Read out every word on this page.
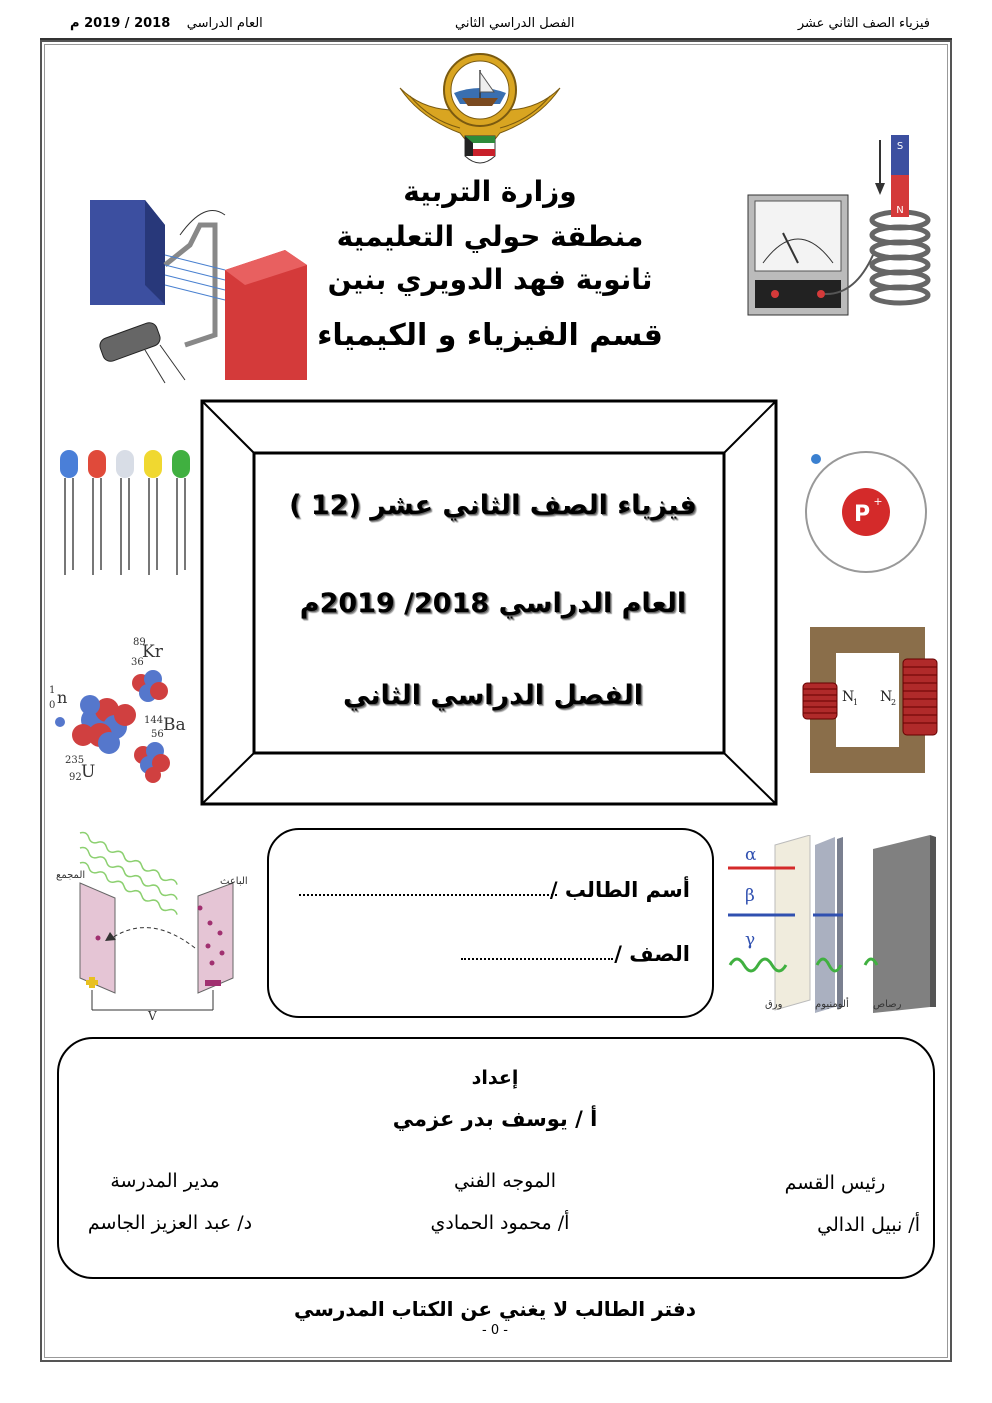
فيزياء الصف الثاني عشر
الفصل الدراسي الثاني
العام الدراسي    2018 / 2019 م
وزارة التربية
منطقة حولي التعليمية
ثانوية فهد الدويري بنين
قسم الفيزياء و الكيمياء
S
N
فيزياء الصف الثاني عشر (12 )
العام الدراسي 2018/ 2019م
الفصل الدراسي الثاني
P
+
89
36
Kr
144
56 Ba
1
0 n
235
92 U
N
1 N
2
المجمع
الباعث
V
α
β
γ
ورق	ألومنيوم رصاص
أسم الطالب /
الصف /
إعداد
أ / يوسف بدر عزمي
رئيس القسم
أ/ نبيل الدالي
الموجه الفني
أ/ محمود الحمادي
مدير المدرسة
د/ عبد العزيز الجاسم
دفتر الطالب لا يغني عن الكتاب المدرسي
- 0 -
